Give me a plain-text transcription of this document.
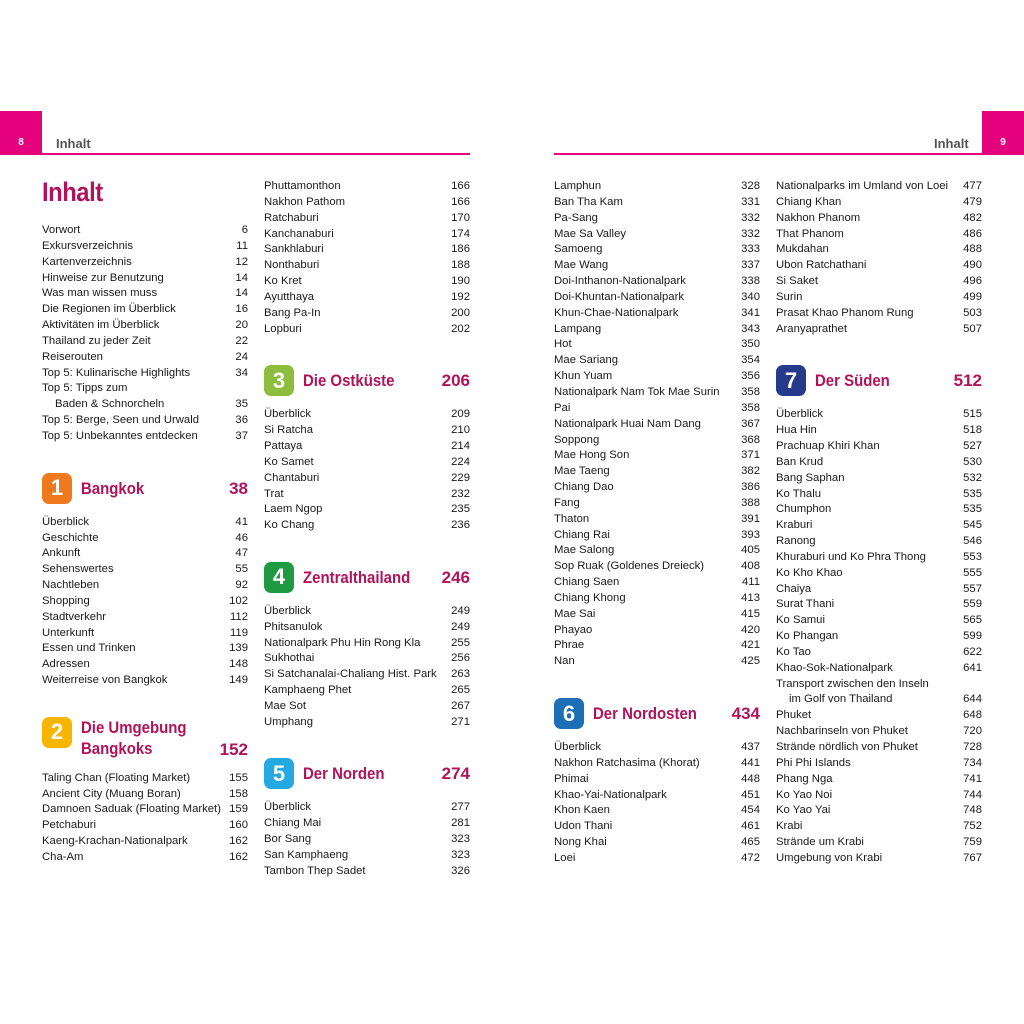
8	9
Inhalt	Inhalt
Inhalt
Vorwort	6
Exkursverzeichnis	11
Kartenverzeichnis	12
Hinweise zur Benutzung	14
Was man wissen muss	14
Die Regionen im Überblick	16
Aktivitäten im Überblick	20
Thailand zu jeder Zeit	22
Reiserouten	24
Top 5: Kulinarische Highlights	34
Top 5: Tipps zum
Baden & Schnorcheln	35
Top 5: Berge, Seen und Urwald	36
Top 5: Unbekanntes entdecken	37
1	Bangkok	38
Überblick	41
Geschichte	46
Ankunft	47
Sehenswertes	55
Nachtleben	92
Shopping	102
Stadtverkehr	112
Unterkunft	119
Essen und Trinken	139
Adressen	148
Weiterreise von Bangkok	149
2	Die Umgebung
Bangkoks	152
Taling Chan (Floating Market)	155
Ancient City (Muang Boran)	158
Damnoen Saduak (Floating Market) 159
Petchaburi	160
Kaeng-Krachan-Nationalpark	162
Cha-Am	162
Phuttamonthon	166
Nakhon Pathom	166
Ratchaburi	170
Kanchanaburi	174
Sankhlaburi	186
Nonthaburi	188
Ko Kret	190
Ayutthaya	192
Bang Pa-In	200
Lopburi	202
3	Die Ostküste	206
Überblick	209
Si Ratcha	210
Pattaya	214
Ko Samet	224
Chantaburi	229
Trat	232
Laem Ngop	235
Ko Chang	236
4	Zentralthailand 246
Überblick	249
Phitsanulok	249
Nationalpark Phu Hin Rong Kla	255
Sukhothai	256
Si Satchanalai-Chaliang Hist. Park 263
Kamphaeng Phet	265
Mae Sot	267
Umphang	271
5	Der Norden	274
Überblick	277
Chiang Mai	281
Bor Sang	323
San Kamphaeng	323
Tambon Thep Sadet	326
Lamphun	328
Ban Tha Kam	331
Pa-Sang	332
Mae Sa Valley	332
Samoeng	333
Mae Wang	337
Doi-Inthanon-Nationalpark	338
Doi-Khuntan-Nationalpark	340
Khun-Chae-Nationalpark	341
Lampang	343
Hot	350
Mae Sariang	354
Khun Yuam	356
Nationalpark Nam Tok Mae Surin 358
Pai	358
Nationalpark Huai Nam Dang	367
Soppong	368
Mae Hong Son	371
Mae Taeng	382
Chiang Dao	386
Fang	388
Thaton	391
Chiang Rai	393
Mae Salong	405
Sop Ruak (Goldenes Dreieck)	408
Chiang Saen	411
Chiang Khong	413
Mae Sai	415
Phayao	420
Phrae	421
Nan	425
6	Der Nordosten 434
Überblick	437
Nakhon Ratchasima (Khorat)	441
Phimai	448
Khao-Yai-Nationalpark	451
Khon Kaen	454
Udon Thani	461
Nong Khai	465
Loei	472
Nationalparks im Umland von Loei 477
Chiang Khan	479
Nakhon Phanom	482
That Phanom	486
Mukdahan	488
Ubon Ratchathani	490
Si Saket	496
Surin	499
Prasat Khao Phanom Rung	503
Aranyaprathet	507
7	Der Süden	512
Überblick	515
Hua Hin	518
Prachuap Khiri Khan	527
Ban Krud	530
Bang Saphan	532
Ko Thalu	535
Chumphon	535
Kraburi	545
Ranong	546
Khuraburi und Ko Phra Thong	553
Ko Kho Khao	555
Chaiya	557
Surat Thani	559
Ko Samui	565
Ko Phangan	599
Ko Tao	622
Khao-Sok-Nationalpark	641
Transport zwischen den Inseln
im Golf von Thailand	644
Phuket	648
Nachbarinseln von Phuket	720
Strände nördlich von Phuket	728
Phi Phi Islands	734
Phang Nga	741
Ko Yao Noi	744
Ko Yao Yai	748
Krabi	752
Strände um Krabi	759
Umgebung von Krabi	767
